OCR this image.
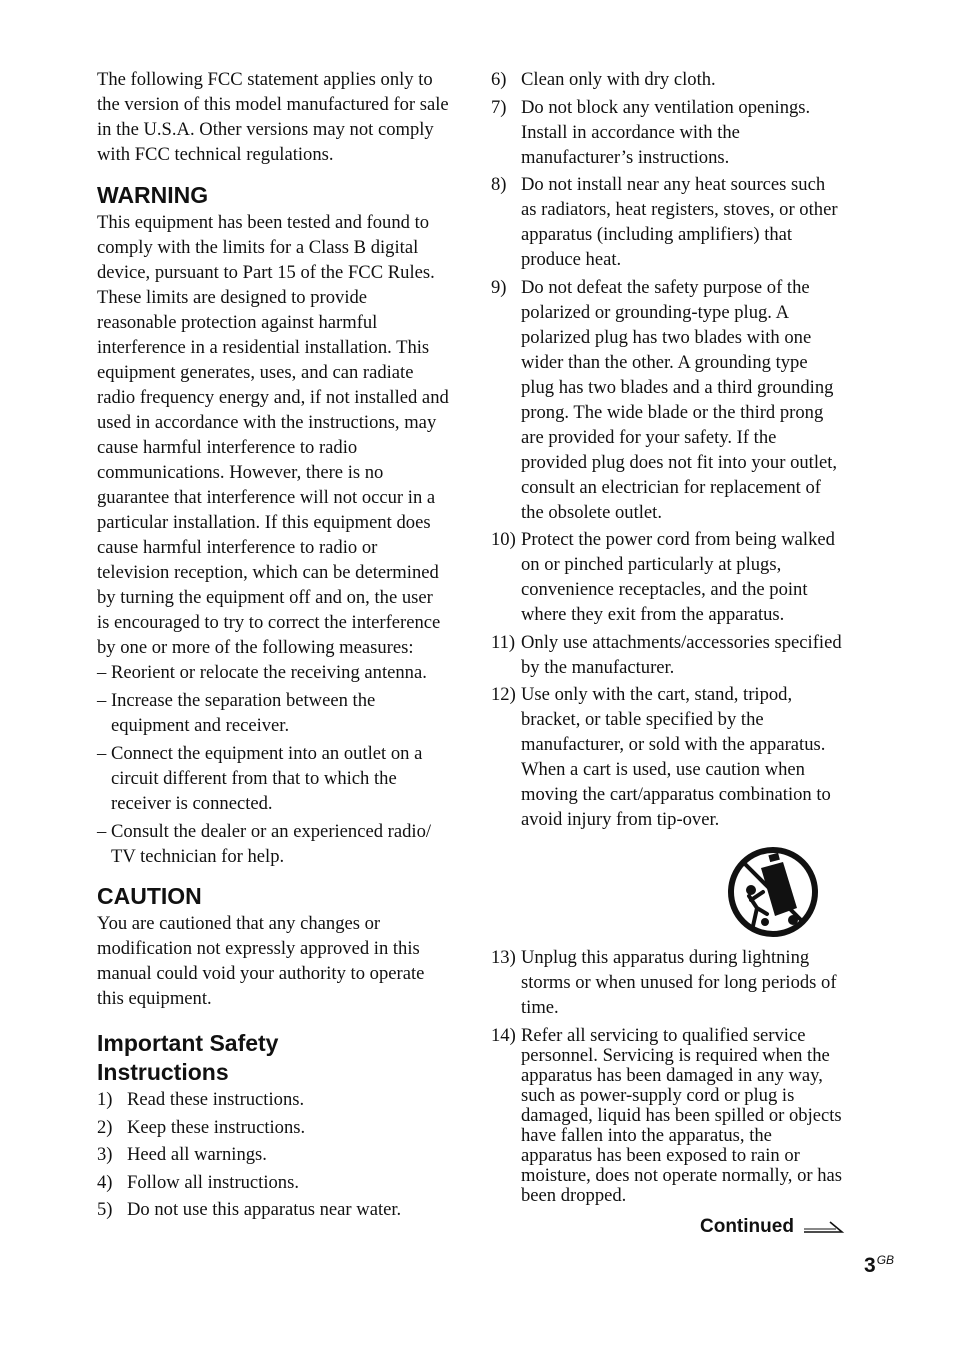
The following FCC statement applies only to the version of this model manufactured for sale in the U.S.A. Other versions may not comply with FCC technical regulations.

WARNING

This equipment has been tested and found to comply with the limits for a Class B digital device, pursuant to Part 15 of the FCC Rules. These limits are designed to provide reasonable protection against harmful interference in a residential installation. This equipment generates, uses, and can radiate radio frequency energy and, if not installed and used in accordance with the instructions, may cause harmful interference to radio communications. However, there is no guarantee that interference will not occur in a particular installation. If this equipment does cause harmful interference to radio or television reception, which can be determined by turning the equipment off and on, the user is encouraged to try to correct the interference by one or more of the following measures:

– Reorient or relocate the receiving antenna.
– Increase the separation between the equipment and receiver.
– Connect the equipment into an outlet on a circuit different from that to which the receiver is connected.
– Consult the dealer or an experienced radio/ TV technician for help.
CAUTION

You are cautioned that any changes or modification not expressly approved in this manual could void your authority to operate this equipment.

Important Safety
Instructions
1) Read these instructions.
2) Keep these instructions.
3) Heed all warnings.
4) Follow all instructions.
5) Do not use this apparatus near water.
6) Clean only with dry cloth.
7) Do not block any ventilation openings. Install in accordance with the manufacturer’s instructions.
8) Do not install near any heat sources such as radiators, heat registers, stoves, or other apparatus (including amplifiers) that produce heat.
9) Do not defeat the safety purpose of the polarized or grounding-type plug. A polarized plug has two blades with one wider than the other. A grounding type plug has two blades and a third grounding prong. The wide blade or the third prong are provided for your safety. If the provided plug does not fit into your outlet, consult an electrician for replacement of the obsolete outlet.
10) Protect the power cord from being walked on or pinched particularly at plugs, convenience receptacles, and the point where they exit from the apparatus.
11) Only use attachments/accessories specified by the manufacturer.
12) Use only with the cart, stand, tripod, bracket, or table specified by the manufacturer, or sold with the apparatus. When a cart is used, use caution when moving the cart/apparatus combination to avoid injury from tip-over.
13) Unplug this apparatus during lightning storms or when unused for long periods of time.
14) Refer all servicing to qualified service personnel. Servicing is required when the apparatus has been damaged in any way, such as power-supply cord or plug is damaged, liquid has been spilled or objects have fallen into the apparatus, the apparatus has been exposed to rain or moisture, does not operate normally, or has been dropped.
Continued
$3^{GB}$
